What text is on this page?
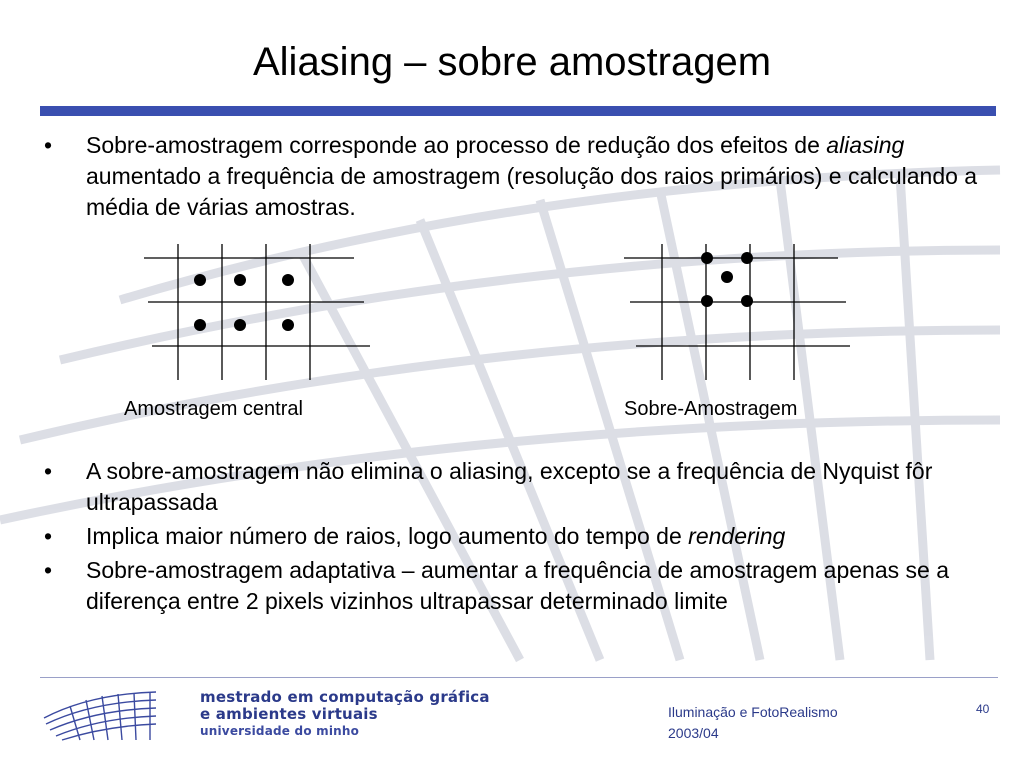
Aliasing – sobre amostragem
• Sobre-amostragem corresponde ao processo de redução dos efeitos de aliasing aumentado a frequência de amostragem (resolução dos raios primários) e calculando a média de várias amostras.
Amostragem central	Sobre-Amostragem
• A sobre-amostragem não elimina o aliasing, excepto se a frequência de Nyquist fôr ultrapassada
• Implica maior número de raios, logo aumento do tempo de rendering
• Sobre-amostragem adaptativa – aumentar a frequência de amostragem apenas se a diferença entre 2 pixels vizinhos ultrapassar determinado limite
mestrado em computação gráfica
e ambientes virtuais
universidade do minho
Iluminação e FotoRealismo
2003/04
40
